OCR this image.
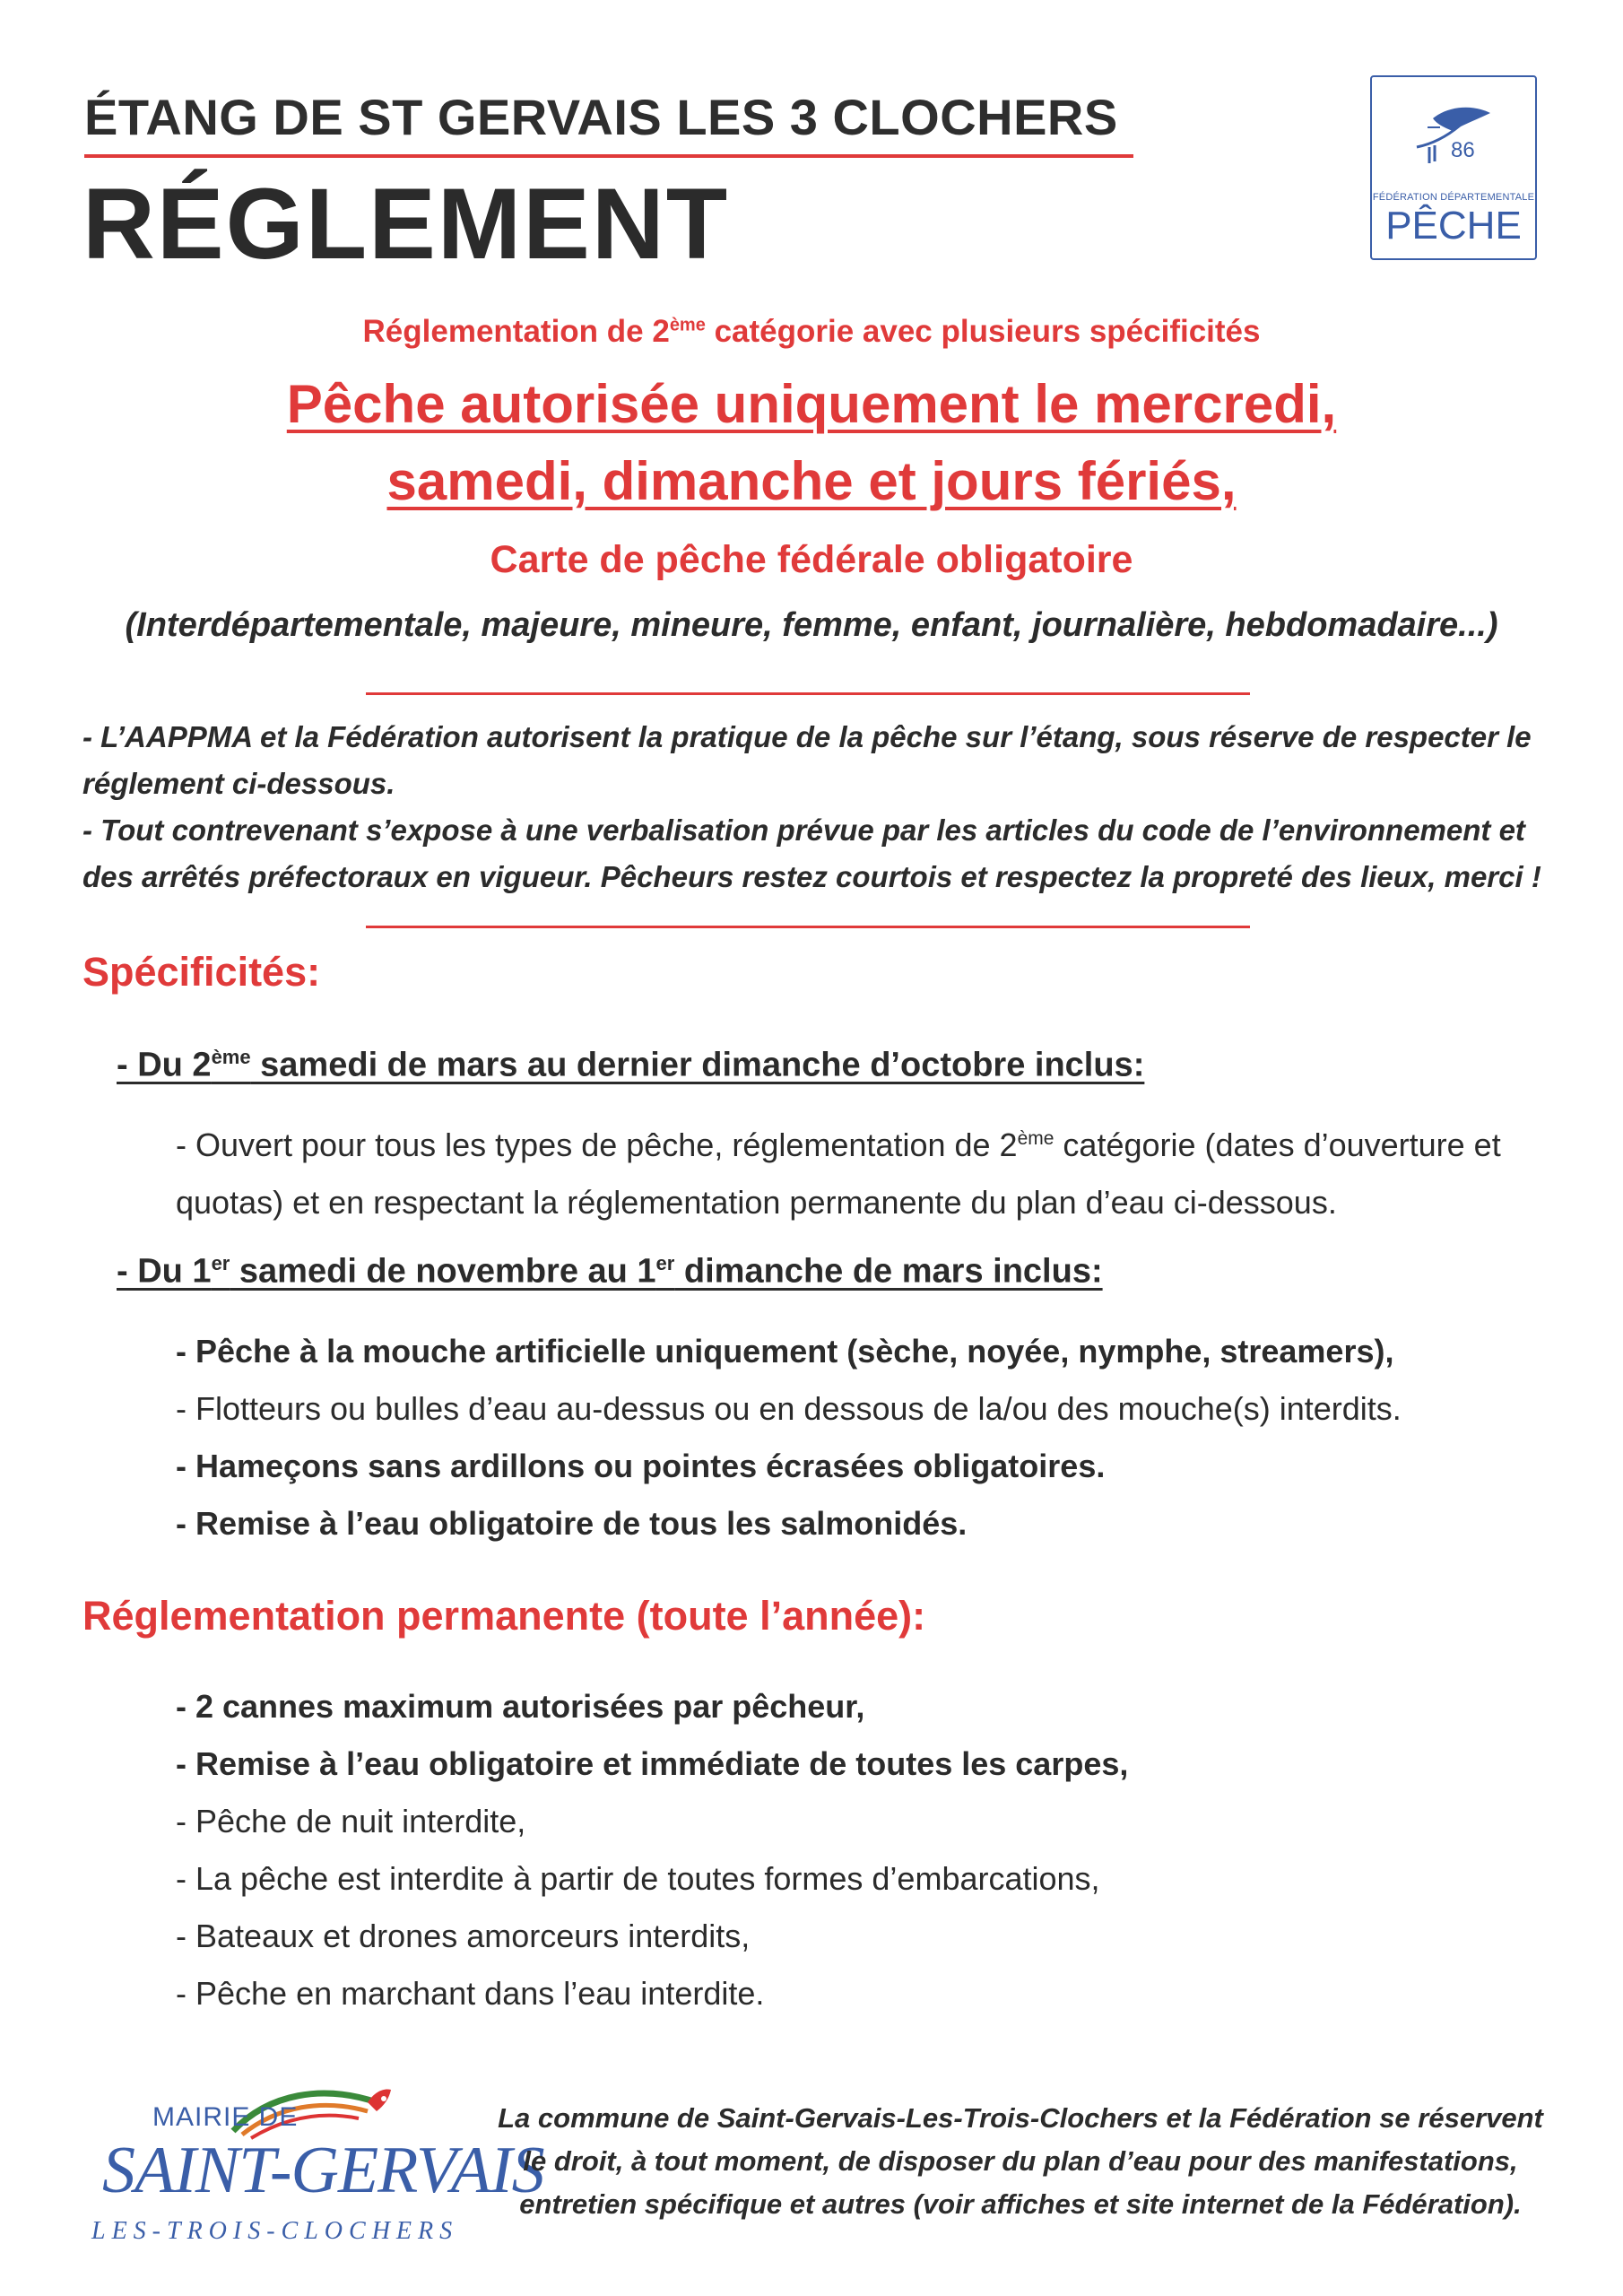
ÉTANG DE ST GERVAIS LES 3 CLOCHERS
RÉGLEMENT
86
FÉDÉRATION DÉPARTEMENTALE
PÊCHE
Réglementation de 2ème catégorie avec plusieurs spécificités
Pêche autorisée uniquement le mercredi,
samedi, dimanche et jours fériés,
Carte de pêche fédérale obligatoire
(Interdépartementale, majeure, mineure, femme, enfant, journalière, hebdomadaire...)
- L’AAPPMA et la Fédération autorisent la pratique de la pêche sur l’étang, sous réserve de respecter le réglement ci-dessous.
- Tout contrevenant s’expose à une verbalisation prévue par les articles du code de l’environnement et des arrêtés préfectoraux en vigueur. Pêcheurs restez courtois et respectez la propreté des lieux, merci !
Spécificités:
- Du 2ème samedi de mars au dernier dimanche d’octobre inclus:
- Ouvert pour tous les types de pêche, réglementation de 2ème catégorie (dates d’ouverture et quotas) et en respectant la réglementation permanente du plan d’eau ci-dessous.
- Du 1er samedi de novembre au 1er dimanche de mars inclus:
- Pêche à la mouche artificielle uniquement (sèche, noyée, nymphe, streamers),
- Flotteurs ou bulles d’eau au-dessus ou en dessous de la/ou des mouche(s) interdits.
- Hameçons sans ardillons ou pointes écrasées obligatoires.
- Remise à l’eau obligatoire de tous les salmonidés.
Réglementation permanente (toute l’année):
- 2 cannes maximum autorisées par pêcheur,
- Remise à l’eau obligatoire et immédiate de toutes les carpes,
- Pêche de nuit interdite,
- La pêche est interdite à partir de toutes formes d’embarcations,
- Bateaux et drones amorceurs interdits,
- Pêche en marchant dans l’eau interdite.
MAIRIE DE
SAINT-GERVAIS
LES-TROIS-CLOCHERS
La commune de Saint-Gervais-Les-Trois-Clochers et la Fédération se réservent
le droit, à tout moment, de disposer du plan d’eau pour des manifestations,
entretien spécifique et autres (voir affiches et site internet de la Fédération).
